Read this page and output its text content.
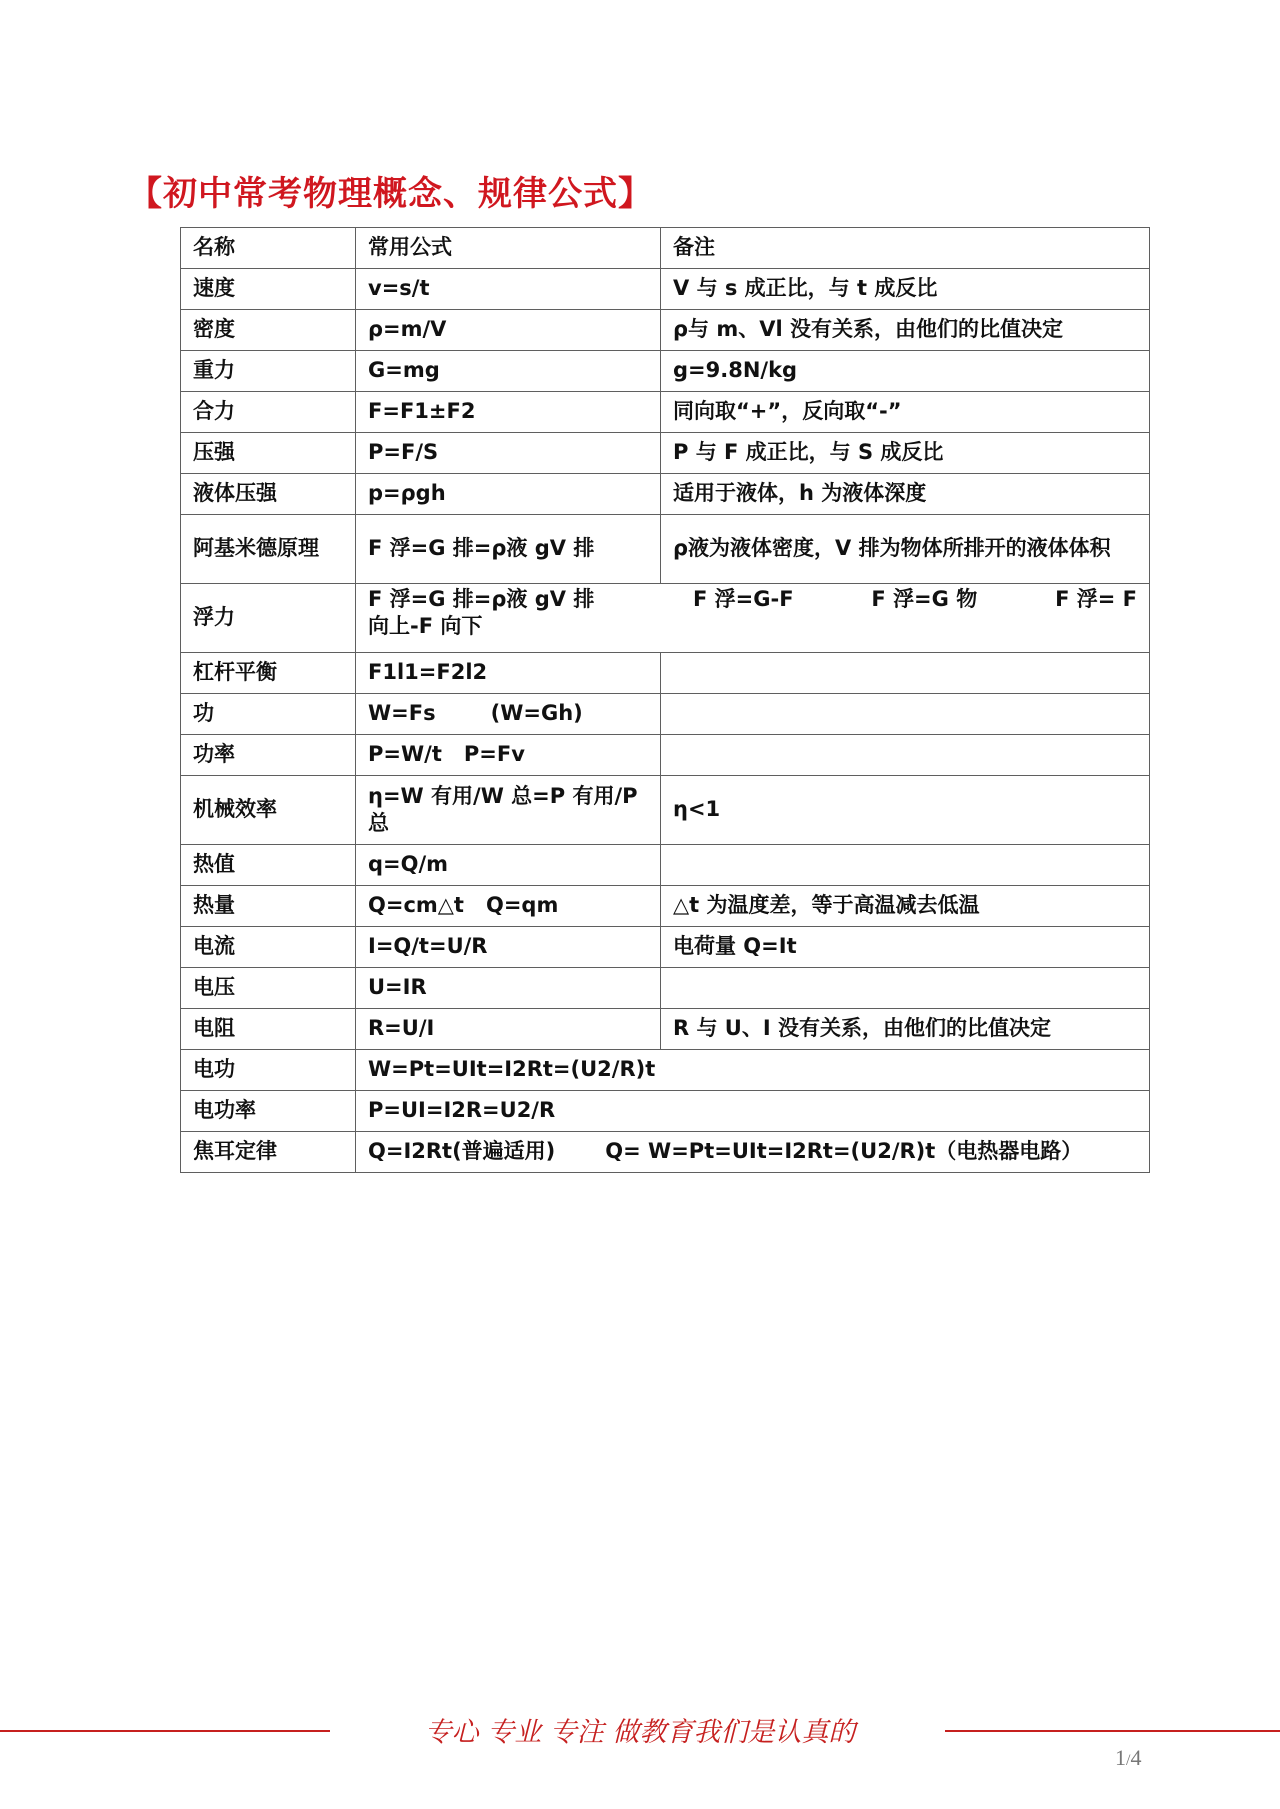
【初中常考物理概念、规律公式】
名称	常用公式	备注
速度	v=s/t	V 与 s 成正比，与 t 成反比
密度	ρ=m/V	ρ与 m、Vl 没有关系，由他们的比值决定
重力	G=mg	g=9.8N/kg
合力	F=F1±F2	同向取“+”，反向取“-”
压强	P=F/S	P 与 F 成正比，与 S 成反比
液体压强	p=ρgh	适用于液体，h 为液体深度
阿基米德原理	F 浮=G 排=ρ液 gV 排	ρ液为液体密度，V 排为物体所排开的液体体积
浮力	F 浮=G 排=ρ液 gV 排 F 浮=G-F F 浮=G 物 F 浮= F
向上-F 向下	

杠杆平衡	F1l1=F2l2	
功	W=Fs (W=Gh)	
功率	P=W/t P=Fv	
机械效率	η=W 有用/W 总=P 有用/P 总	η<1
热值	q=Q/m	
热量	Q=cm△t Q=qm	△t 为温度差，等于高温减去低温
电流	I=Q/t=U/R	电荷量 Q=It
电压	U=IR	
电阻	R=U/I	R 与 U、I 没有关系，由他们的比值决定
电功	W=Pt=UIt=I2Rt=(U2/R)t	
电功率	P=UI=I2R=U2/R	
焦耳定律	Q=I2Rt(普遍适用) Q= W=Pt=UIt=I2Rt=(U2/R)t（电热器电路）	
专心 专业 专注 做教育我们是认真的
1/4
